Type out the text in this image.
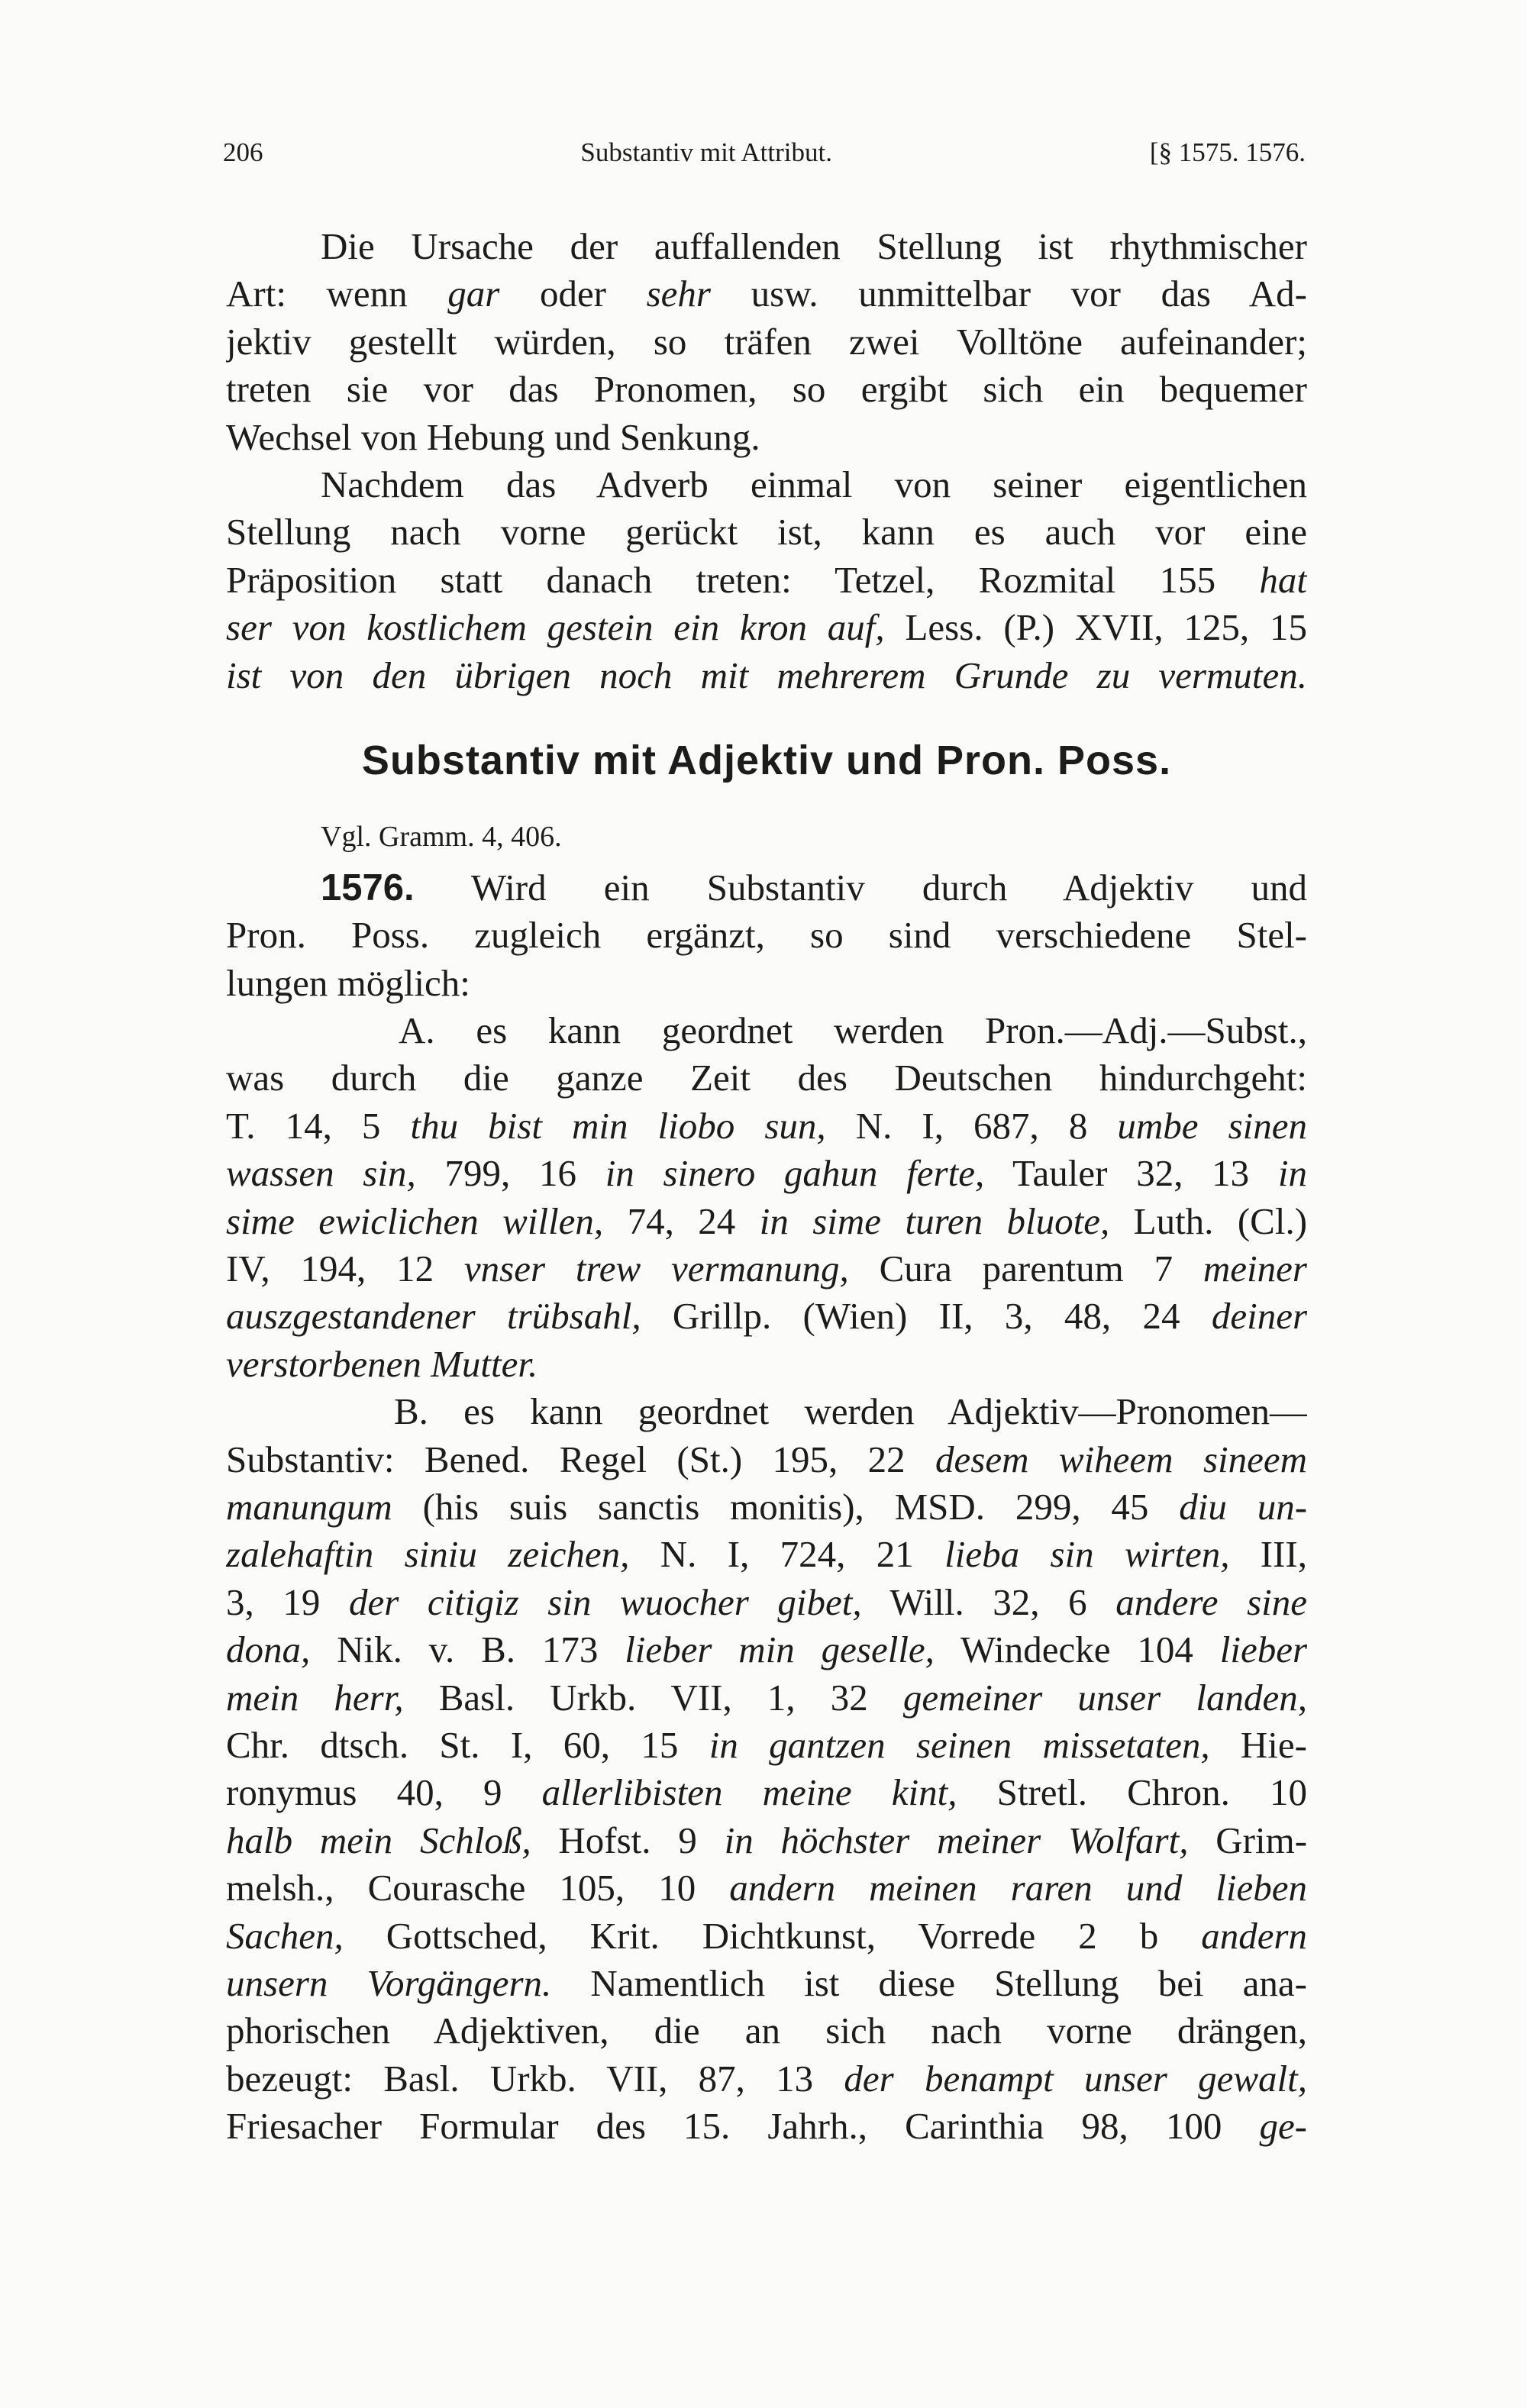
206	Substantiv mit Attribut.	[§ 1575. 1576.
Die Ursache der auffallenden Stellung ist rhythmischer
Art: wenn gar oder sehr usw. unmittelbar vor das Ad-
jektiv gestellt würden, so träfen zwei Volltöne aufeinander;
treten sie vor das Pronomen, so ergibt sich ein bequemer
Wechsel von Hebung und Senkung.
Nachdem das Adverb einmal von seiner eigentlichen
Stellung nach vorne gerückt ist, kann es auch vor eine
Präposition statt danach treten: Tetzel, Rozmital 155 hat
ser von kostlichem gestein ein kron auf, Less. (P.) XVII, 125, 15
ist von den übrigen noch mit mehrerem Grunde zu vermuten.
Substantiv mit Adjektiv und Pron. Poss.
Vgl. Gramm. 4, 406.
1576. Wird ein Substantiv durch Adjektiv und
Pron. Poss. zugleich ergänzt, so sind verschiedene Stel-
lungen möglich:
A. es kann geordnet werden Pron.—Adj.—Subst.,
was durch die ganze Zeit des Deutschen hindurchgeht:
T. 14, 5 thu bist min liobo sun, N. I, 687, 8 umbe sinen
wassen sin, 799, 16 in sinero gahun ferte, Tauler 32, 13 in
sime ewiclichen willen, 74, 24 in sime turen bluote, Luth. (Cl.)
IV, 194, 12 vnser trew vermanung, Cura parentum 7 meiner
auszgestandener trübsahl, Grillp. (Wien) II, 3, 48, 24 deiner
verstorbenen Mutter.
B. es kann geordnet werden Adjektiv—Pronomen—
Substantiv: Bened. Regel (St.) 195, 22 desem wiheem sineem
manungum (his suis sanctis monitis), MSD. 299, 45 diu un-
zalehaftin siniu zeichen, N. I, 724, 21 lieba sin wirten, III,
3, 19 der citigiz sin wuocher gibet, Will. 32, 6 andere sine
dona, Nik. v. B. 173 lieber min geselle, Windecke 104 lieber
mein herr, Basl. Urkb. VII, 1, 32 gemeiner unser landen,
Chr. dtsch. St. I, 60, 15 in gantzen seinen missetaten, Hie-
ronymus 40, 9 allerlibisten meine kint, Stretl. Chron. 10
halb mein Schloß, Hofst. 9 in höchster meiner Wolfart, Grim-
melsh., Courasche 105, 10 andern meinen raren und lieben
Sachen, Gottsched, Krit. Dichtkunst, Vorrede 2 b andern
unsern Vorgängern. Namentlich ist diese Stellung bei ana-
phorischen Adjektiven, die an sich nach vorne drängen,
bezeugt: Basl. Urkb. VII, 87, 13 der benampt unser gewalt,
Friesacher Formular des 15. Jahrh., Carinthia 98, 100 ge-
